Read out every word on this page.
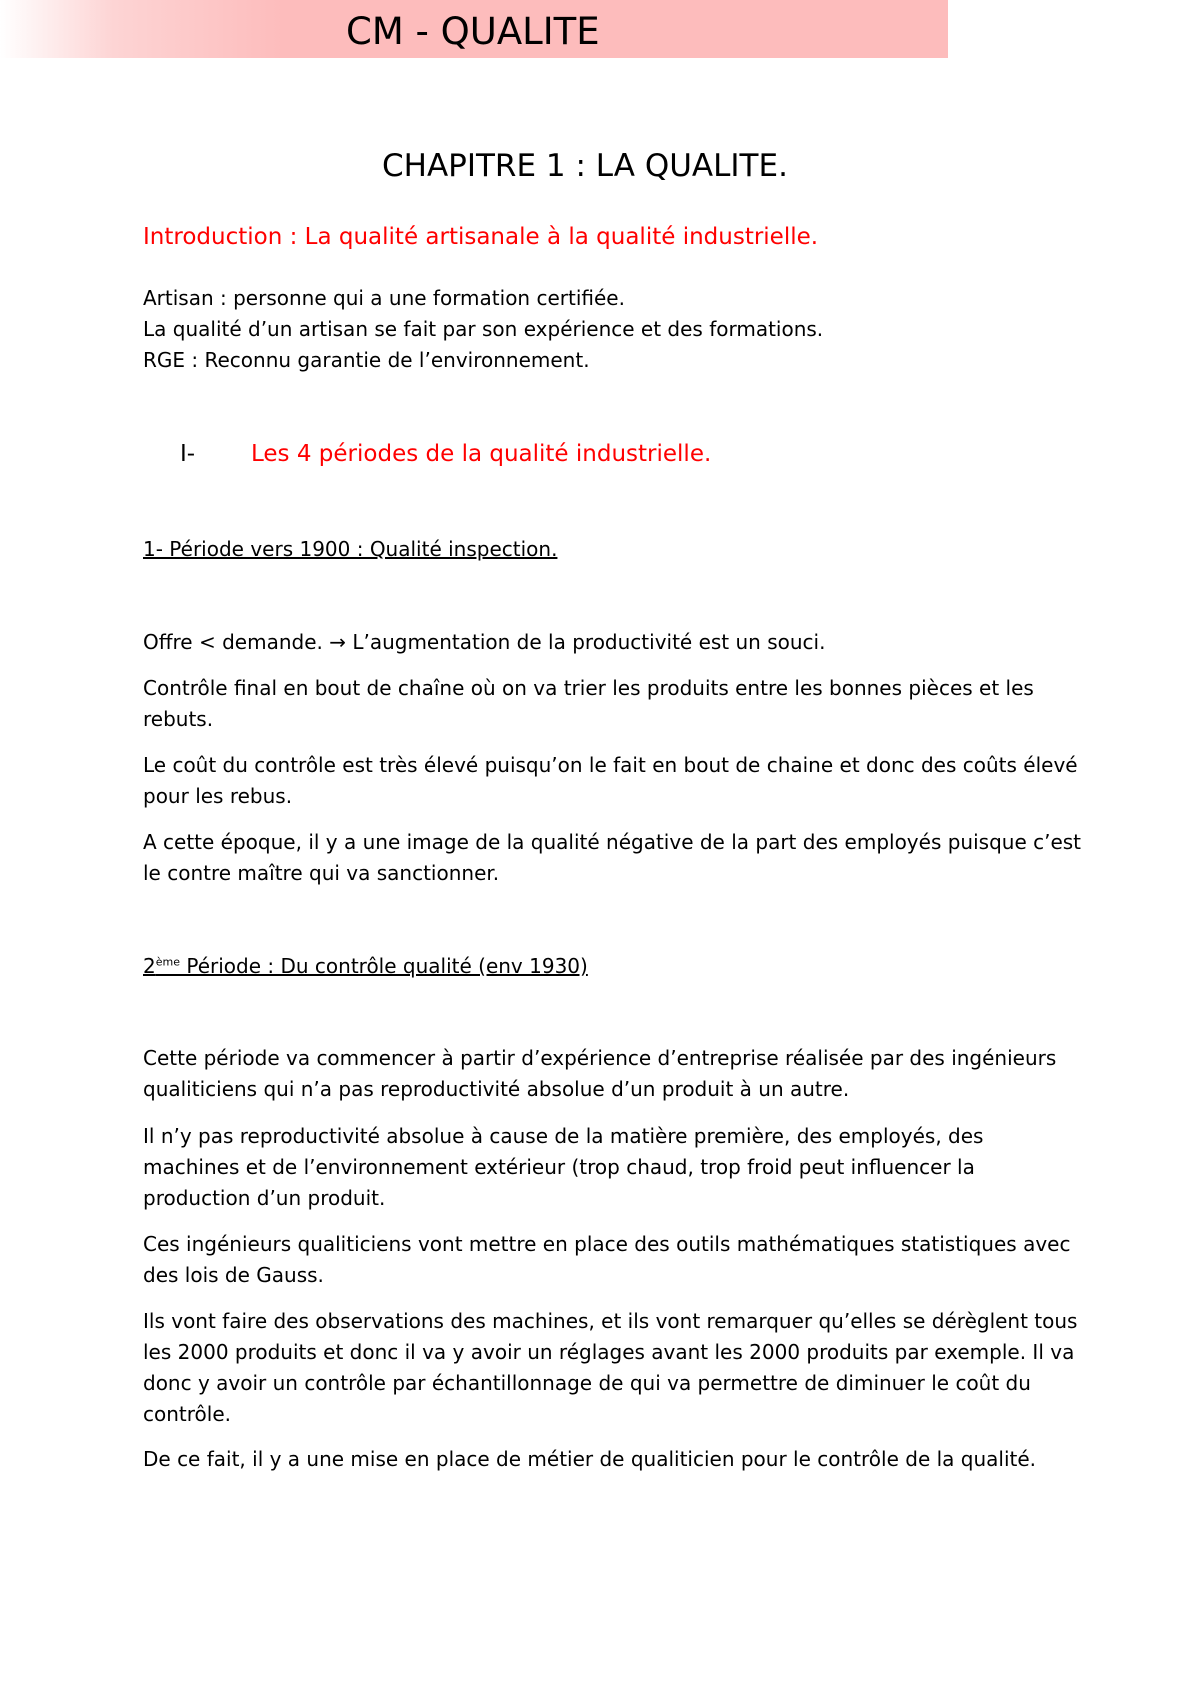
CM - QUALITE
CHAPITRE 1 : LA QUALITE.
Introduction : La qualité artisanale à la qualité industrielle.
Artisan : personne qui a une formation certifiée.
La qualité d’un artisan se fait par son expérience et des formations.
RGE : Reconnu garantie de l’environnement.
I- Les 4 périodes de la qualité industrielle.
1- Période vers 1900 : Qualité inspection.
Offre < demande. → L’augmentation de la productivité est un souci.
Contrôle final en bout de chaîne où on va trier les produits entre les bonnes pièces et les rebuts.
Le coût du contrôle est très élevé puisqu’on le fait en bout de chaine et donc des coûts élevé pour les rebus.
A cette époque, il y a une image de la qualité négative de la part des employés puisque c’est le contre maître qui va sanctionner.
2ème Période : Du contrôle qualité (env 1930)
Cette période va commencer à partir d’expérience d’entreprise réalisée par des ingénieurs qualiticiens qui n’a pas reproductivité absolue d’un produit à un autre.
Il n’y pas reproductivité absolue à cause de la matière première, des employés, des machines et de l’environnement extérieur (trop chaud, trop froid peut influencer la production d’un produit.
Ces ingénieurs qualiticiens vont mettre en place des outils mathématiques statistiques avec des lois de Gauss.
Ils vont faire des observations des machines, et ils vont remarquer qu’elles se dérèglent tous les 2000 produits et donc il va y avoir un réglages avant les 2000 produits par exemple. Il va donc y avoir un contrôle par échantillonnage de qui va permettre de diminuer le coût du contrôle.
De ce fait, il y a une mise en place de métier de qualiticien pour le contrôle de la qualité.
